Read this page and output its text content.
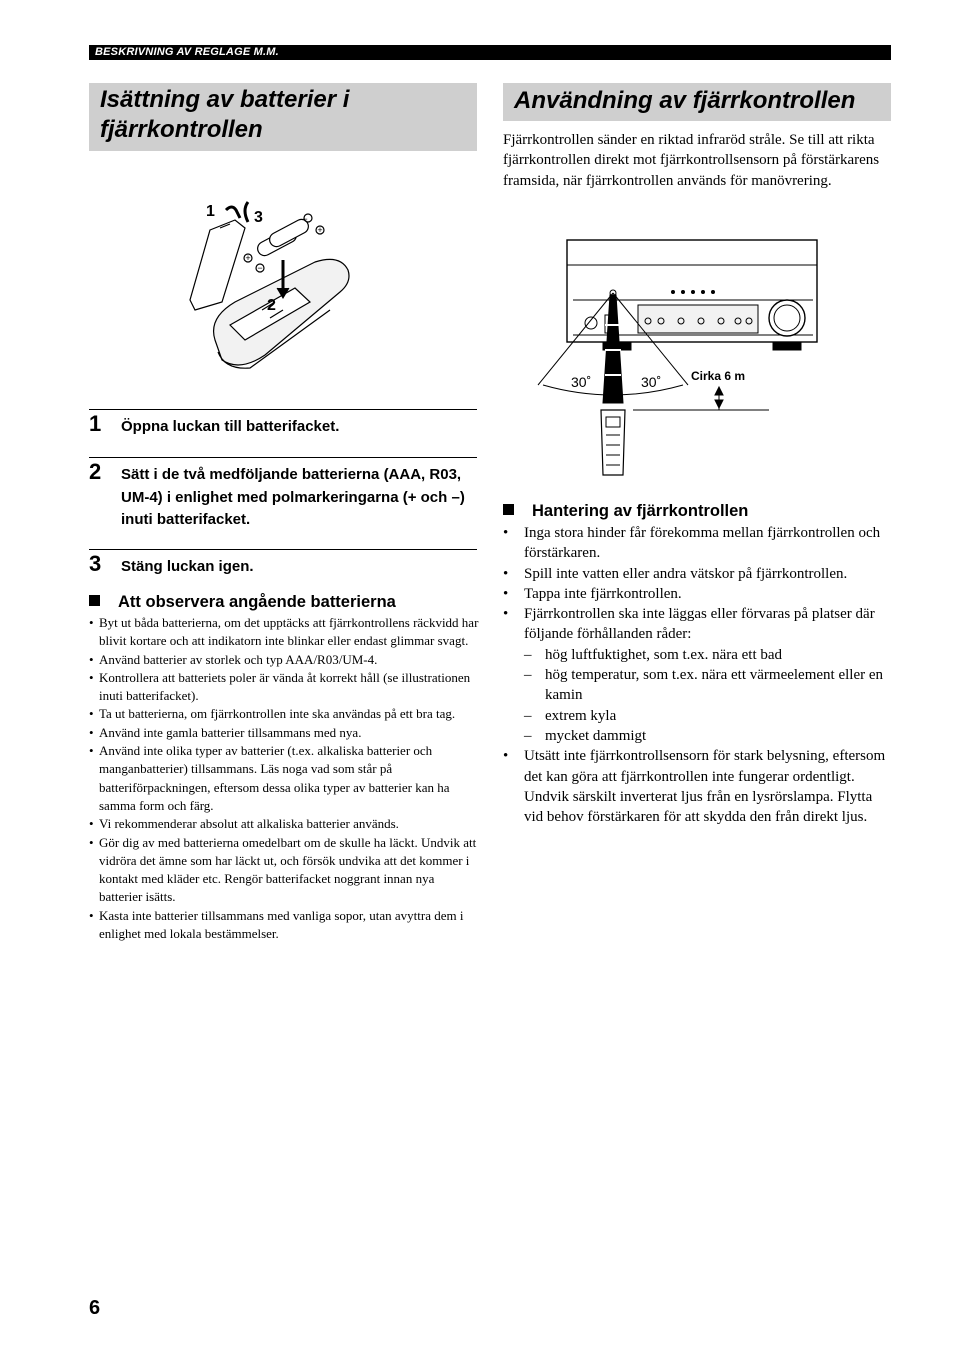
BESKRIVNING AV REGLAGE M.M.
Isättning av batterier i fjärrkontrollen
Användning av fjärrkontrollen
1 3
2
−
+
+
−
1 Öppna luckan till batterifacket.
2 Sätt i de två medföljande batterierna (AAA, R03, UM-4) i enlighet med polmarkeringarna (+ och –) inuti batterifacket.
3 Stäng luckan igen.
Att observera angående batterierna
• Byt ut båda batterierna, om det upptäcks att fjärrkontrollens räckvidd har blivit kortare och att indikatorn inte blinkar eller endast glimmar svagt.
• Använd batterier av storlek och typ AAA/R03/UM-4.
• Kontrollera att batteriets poler är vända åt korrekt håll (se illustrationen inuti batterifacket).
• Ta ut batterierna, om fjärrkontrollen inte ska användas på ett bra tag.
• Använd inte gamla batterier tillsammans med nya.
• Använd inte olika typer av batterier (t.ex. alkaliska batterier och manganbatterier) tillsammans. Läs noga vad som står på batteriförpackningen, eftersom dessa olika typer av batterier kan ha samma form och färg.
• Vi rekommenderar absolut att alkaliska batterier används.
• Gör dig av med batterierna omedelbart om de skulle ha läckt. Undvik att vidröra det ämne som har läckt ut, och försök undvika att det kommer i kontakt med kläder etc. Rengör batterifacket noggrant innan nya batterier isätts.
• Kasta inte batterier tillsammans med vanliga sopor, utan avyttra dem i enlighet med lokala bestämmelser.

Fjärrkontrollen sänder en riktad infraröd stråle. Se till att rikta fjärrkontrollen direkt mot fjärrkontrollsensorn på förstärkarens framsida, när fjärrkontrollen används för manövrering.

30˚	30˚ Cirka 6 m
Hantering av fjärrkontrollen
• Inga stora hinder får förekomma mellan fjärrkontrollen och förstärkaren.
• Spill inte vatten eller andra vätskor på fjärrkontrollen.
• Tappa inte fjärrkontrollen.
• Fjärrkontrollen ska inte läggas eller förvaras på platser där följande förhållanden råder:
– hög luftfuktighet, som t.ex. nära ett bad
– hög temperatur, som t.ex. nära ett värmeelement eller en kamin
– extrem kyla
– mycket dammigt
• Utsätt inte fjärrkontrollsensorn för stark belysning, eftersom det kan göra att fjärrkontrollen inte fungerar ordentligt. Undvik särskilt inverterat ljus från en lysrörslampa. Flytta vid behov förstärkaren för att skydda den från direkt ljus.
6
